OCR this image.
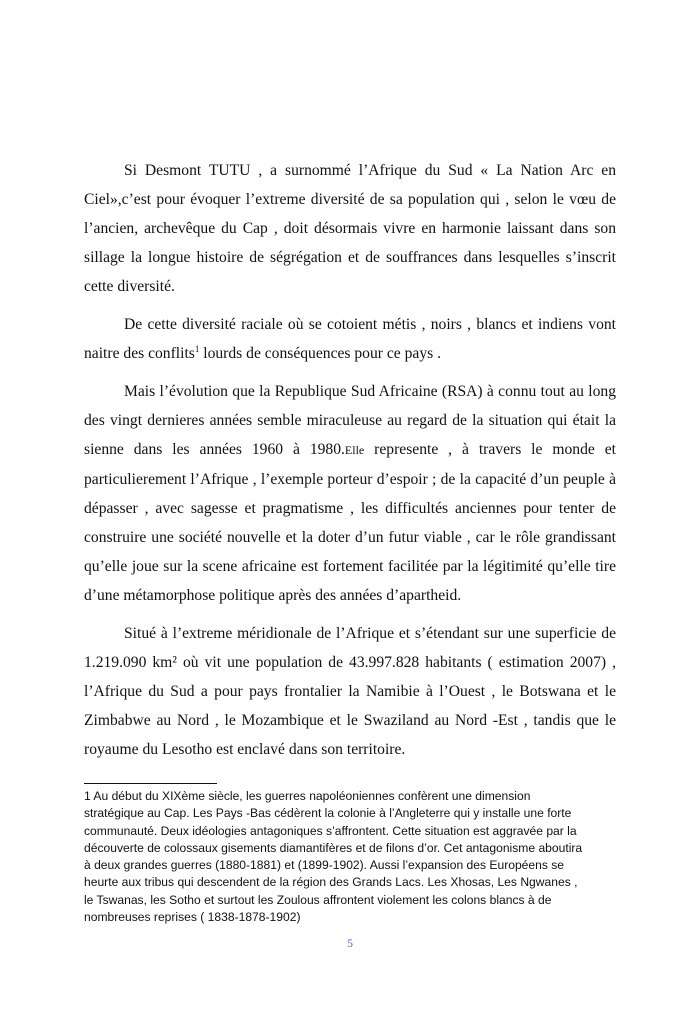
Si Desmont TUTU , a surnommé l’Afrique du Sud « La Nation Arc en Ciel»,c’est pour évoquer l’extreme diversité de sa population qui , selon le vœu de l’ancien, archevêque du Cap , doit désormais vivre en harmonie laissant dans son sillage la longue histoire de ségrégation et de souffrances dans lesquelles s’inscrit cette diversité.

De cette diversité raciale où se cotoient métis , noirs , blancs et indiens vont naitre des conflits$^1$ lourds de conséquences pour ce pays .

Mais l’évolution que la Republique Sud Africaine (RSA) à connu tout au long des vingt dernieres années semble miraculeuse au regard de la situation qui était la sienne dans les années 1960 à 1980.Elle represente , à travers le monde et particulierement l’Afrique , l’exemple porteur d’espoir ; de la capacité d’un peuple à dépasser , avec sagesse et pragmatisme , les difficultés anciennes pour tenter de construire une société nouvelle et la doter d’un futur viable , car le rôle grandissant qu’elle joue sur la scene africaine est fortement facilitée par la légitimité qu’elle tire d’une métamorphose politique après des années d’apartheid.

Situé à l’extreme méridionale de l’Afrique et s’étendant sur une superficie de 1.219.090 km² où vit une population de 43.997.828 habitants ( estimation 2007) , l’Afrique du Sud a pour pays frontalier la Namibie à l’Ouest , le Botswana et le Zimbabwe au Nord , le Mozambique et le Swaziland au Nord -Est , tandis que le royaume du Lesotho est enclavé dans son territoire.

1 Au début du XIXème siècle, les guerres napoléoniennes confèrent une dimension stratégique au Cap. Les Pays -Bas cédèrent la colonie à l’Angleterre qui y installe une forte communauté. Deux idéologies antagoniques s’affrontent. Cette situation est aggravée par la découverte de colossaux gisements diamantifères et de filons d’or. Cet antagonisme aboutira à deux grandes guerres (1880-1881) et (1899-1902). Aussi l’expansion des Européens se heurte aux tribus qui descendent de la région des Grands Lacs. Les Xhosas, Les Ngwanes , le Tswanas, les Sotho et surtout les Zoulous affrontent violement les colons blancs à de nombreuses reprises ( 1838-1878-1902)

5
